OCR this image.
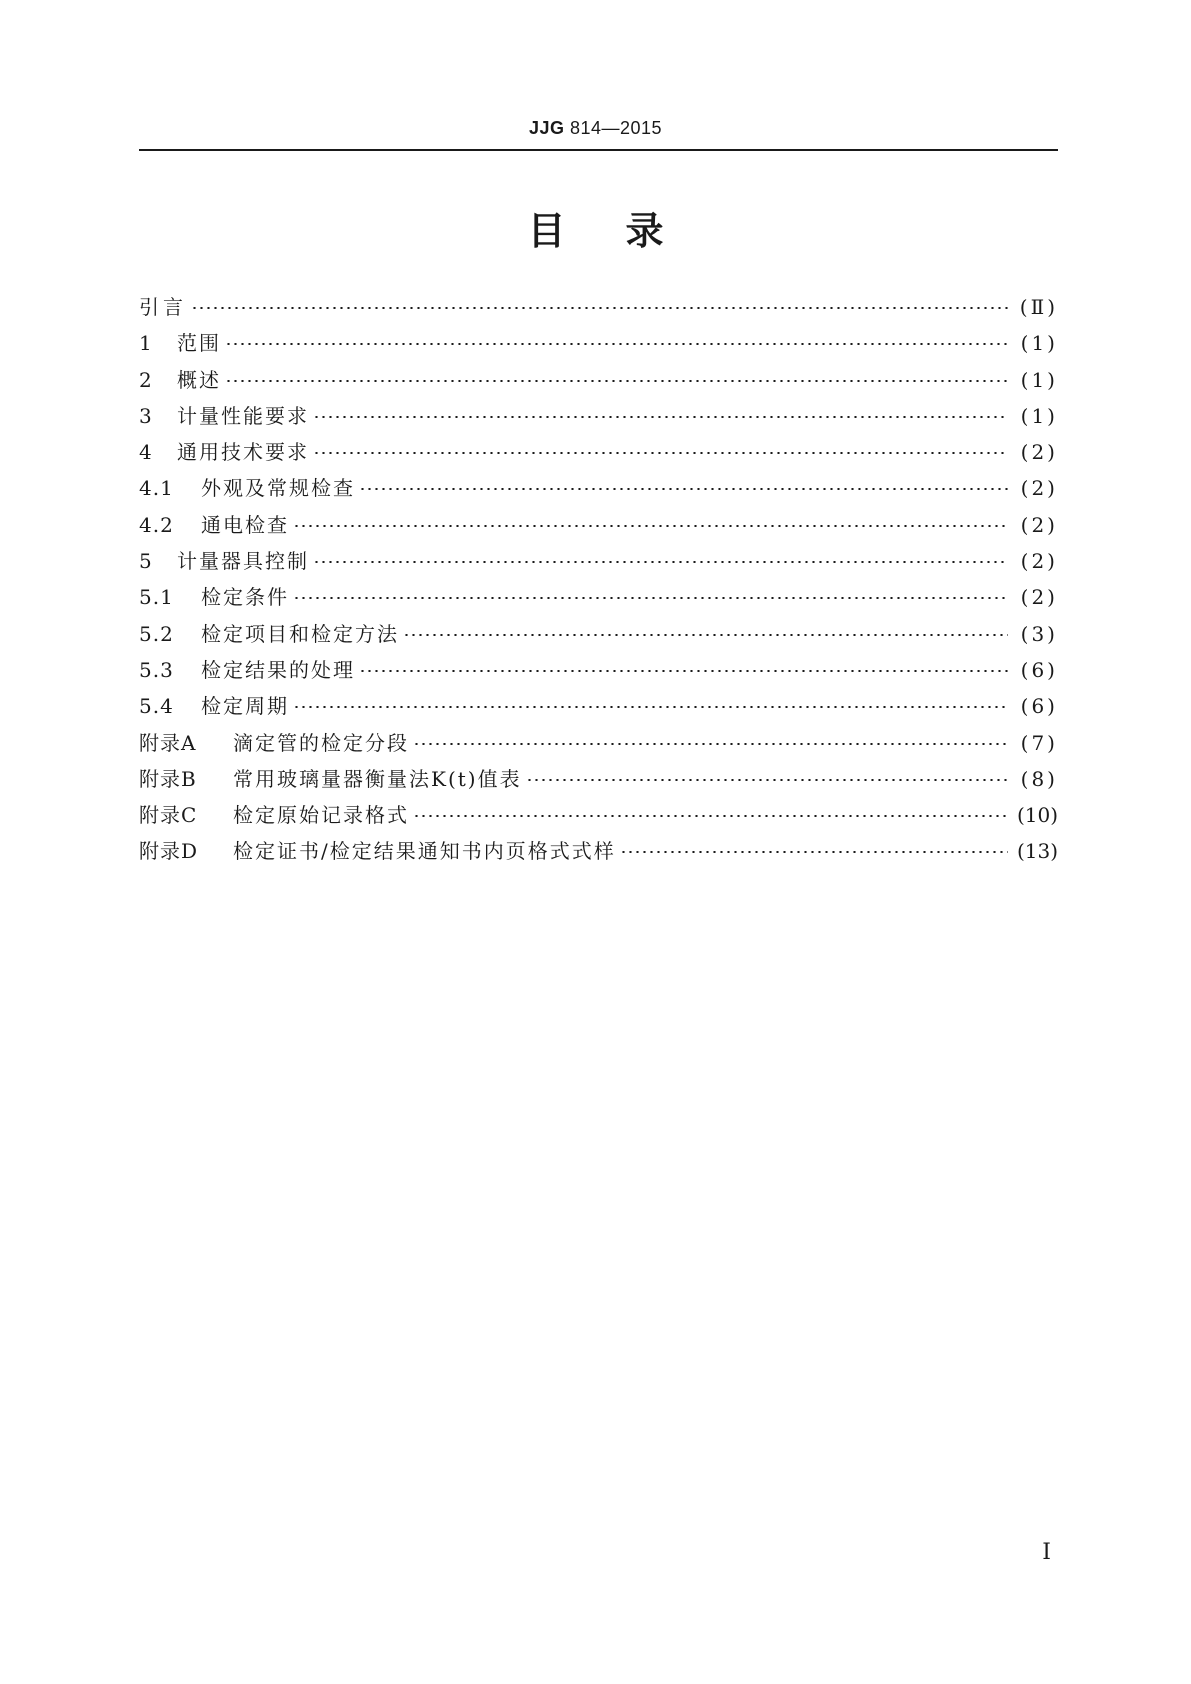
JJG 814—2015
目录
引言	(Ⅱ)
1	范围	(1)
2	概述	(1)
3	计量性能要求	(1)
4	通用技术要求	(2)
4.1	外观及常规检查	(2)
4.2	通电检查	(2)
5	计量器具控制	(2)
5.1	检定条件	(2)
5.2	检定项目和检定方法	(3)
5.3	检定结果的处理	(6)
5.4	检定周期	(6)
附录A	滴定管的检定分段	(7)
附录B	常用玻璃量器衡量法K(t)值表	(8)
附录C	检定原始记录格式	(10)
附录D	检定证书/检定结果通知书内页格式式样	(13)
Ⅰ
